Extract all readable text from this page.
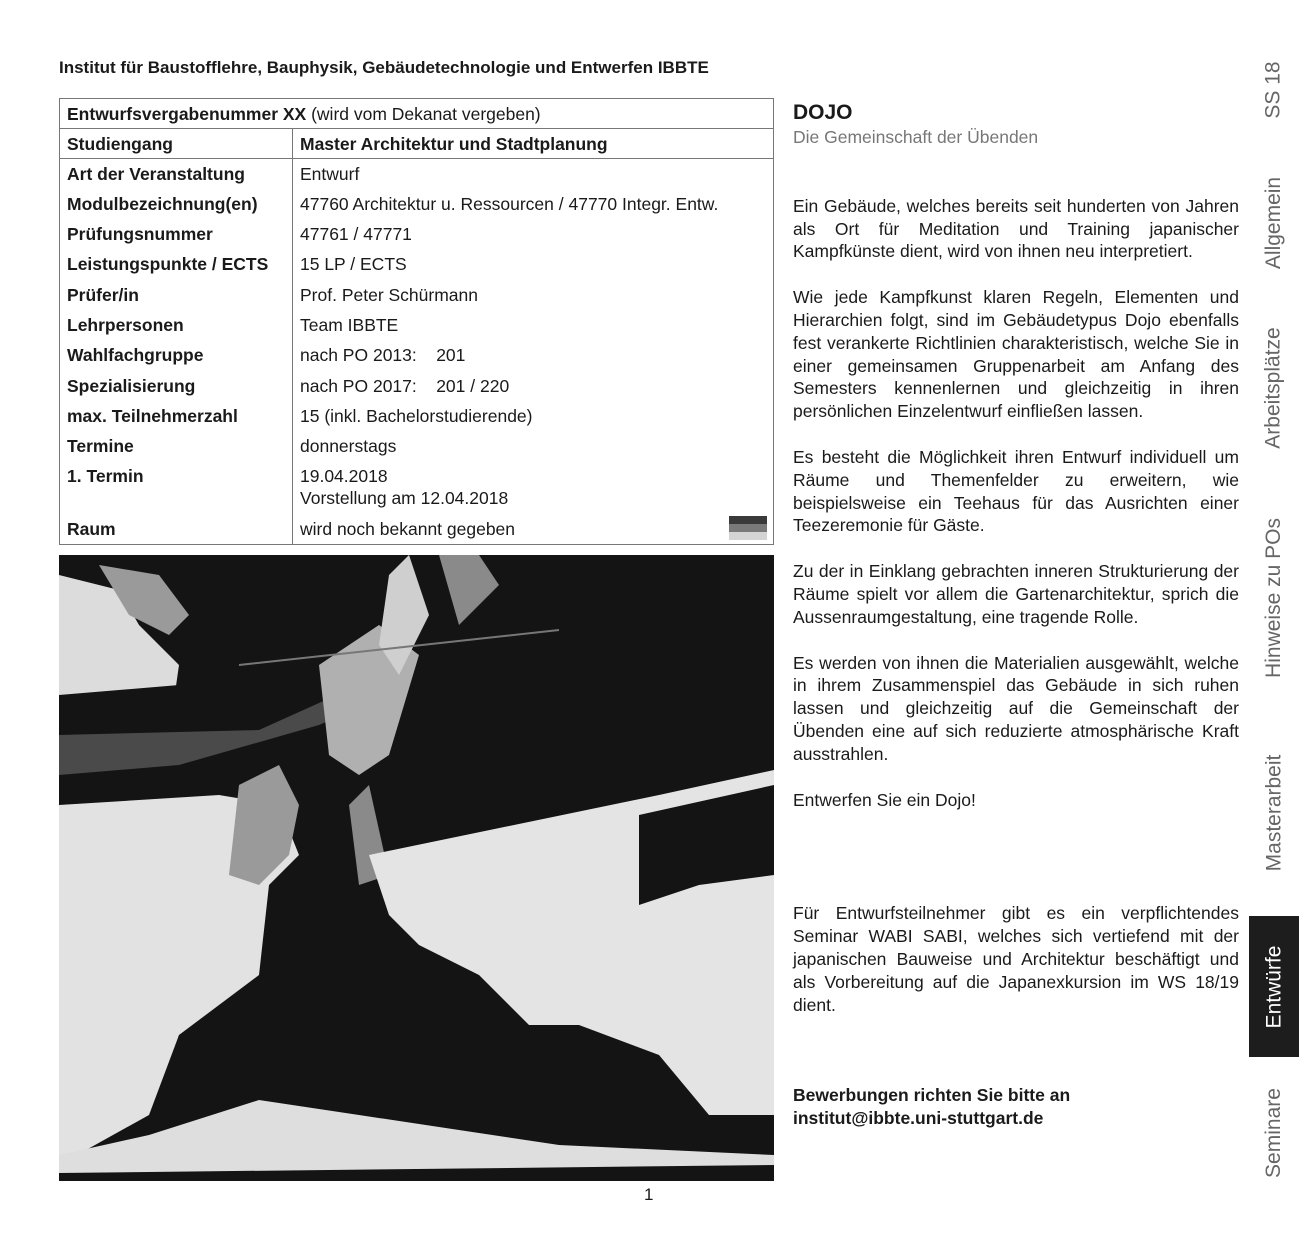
Institut für Baustofflehre, Bauphysik, Gebäudetechnologie und Entwerfen IBBTE
Entwurfsvergabenummer XX (wird vom Dekanat vergeben)	
Studiengang	Master Architektur und Stadtplanung
Art der Veranstaltung	Entwurf
Modulbezeichnung(en)	47760 Architektur u. Ressourcen / 47770 Integr. Entw.
Prüfungsnummer	47761 / 47771
Leistungspunkte / ECTS	15 LP / ECTS
Prüfer/in	Prof. Peter Schürmann
Lehrpersonen	Team IBBTE
Wahlfachgruppe	nach PO 2013:    201
Spezialisierung	nach PO 2017:    201 / 220
max. Teilnehmerzahl	15 (inkl. Bachelorstudierende)
Termine	donnerstags
1. Termin	19.04.2018
Vorstellung am 12.04.2018

Raum	wird noch bekannt gegeben
DOJO
Die Gemeinschaft der Übenden

Ein Gebäude, welches bereits seit hunderten von Jahren als Ort für Meditation und Training japanischer Kampfkünste dient, wird von ihnen neu interpretiert.

Wie jede Kampfkunst klaren Regeln, Elementen und Hierarchien folgt, sind im Gebäudetypus Dojo ebenfalls fest verankerte Richtlinien charakteristisch, welche Sie in einer gemeinsamen Gruppenarbeit am Anfang des Semesters kennenlernen und gleichzeitig in ihren persönlichen Einzelentwurf einfließen lassen.

Es besteht die Möglichkeit ihren Entwurf individuell um Räume und Themenfelder zu erweitern, wie beispielsweise ein Teehaus für das Ausrichten einer Teezeremonie für Gäste.

Zu der in Einklang gebrachten inneren Strukturierung der Räume spielt vor allem die Gartenarchitektur, sprich die Aussenraumgestaltung, eine tragende Rolle.

Es werden von ihnen die Materialien ausgewählt, welche in ihrem Zusammenspiel das Gebäude in sich ruhen lassen und gleichzeitig auf die Gemeinschaft der Übenden eine auf sich reduzierte atmosphärische Kraft ausstrahlen.

Entwerfen Sie ein Dojo!

Für Entwurfsteilnehmer gibt es ein verpflichtendes Seminar WABI SABI, welches sich vertiefend mit der japanischen Bauweise und Architektur beschäftigt und als Vorbereitung auf die Japanexkursion im WS 18/19 dient.

Bewerbungen richten Sie bitte an

institut@ibbte.uni-stuttgart.de

SS 18
Allgemein
Arbeitsplätze
Hinweise zu POs
Masterarbeit
Entwürfe
Seminare
1
